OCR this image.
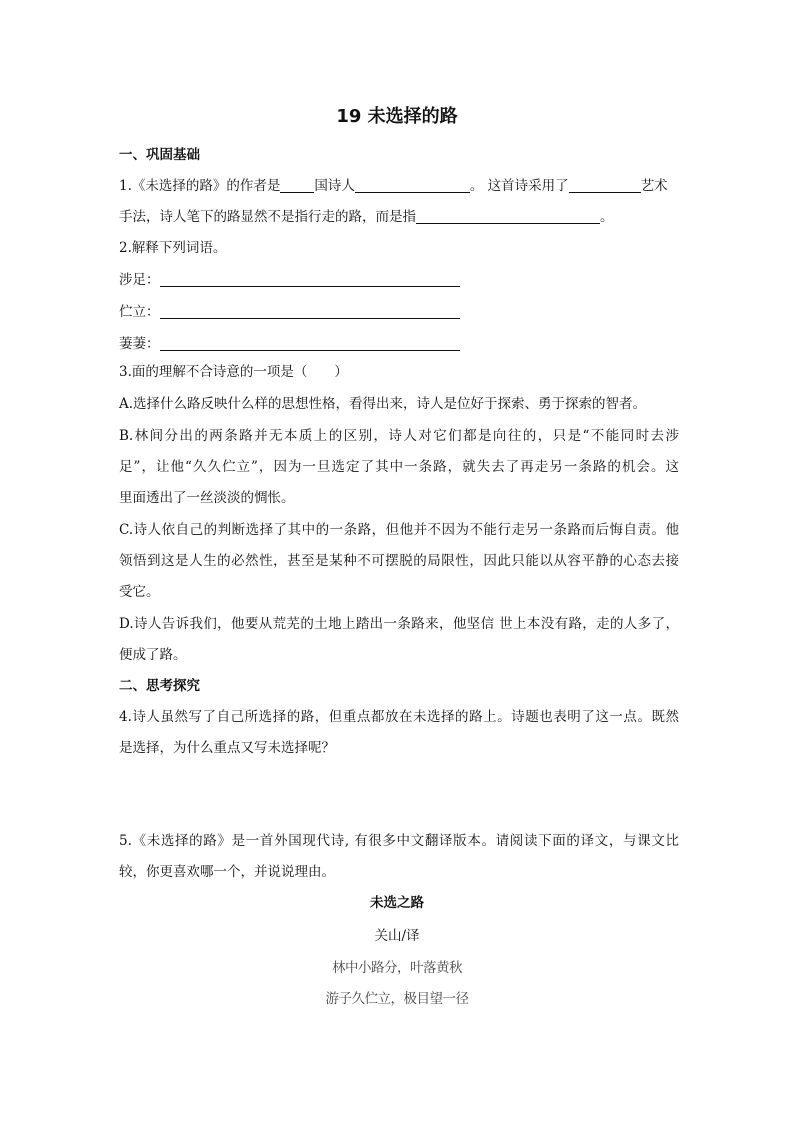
19 未选择的路
一、巩固基础
1.《未选择的路》的作者是	国诗人	。 这首诗采用了	艺术
手法，诗人笔下的路显然不是指行走的路，而是指	。
2.解释下列词语。
涉足：
伫立：
萋萋：
3.面的理解不合诗意的一项是（　　）
A.选择什么路反映什么样的思想性格，看得出来，诗人是位好于探索、勇于探索的智者。
B.林间分出的两条路并无本质上的区别，诗人对它们都是向往的，只是“不能同时去涉
足”，让他“久久伫立”，因为一旦选定了其中一条路，就失去了再走另一条路的机会。这
里面透出了一丝淡淡的惆怅。
C.诗人依自己的判断选择了其中的一条路，但他并不因为不能行走另一条路而后悔自责。他
领悟到这是人生的必然性，甚至是某种不可摆脱的局限性，因此只能以从容平静的心态去接
受它。
D.诗人告诉我们，他要从荒芜的土地上踏出一条路来，他坚信 世上本没有路，走的人多了，
便成了路。
二、思考探究
4.诗人虽然写了自己所选择的路，但重点都放在未选择的路上。诗题也表明了这一点。既然
是选择，为什么重点又写未选择呢？
5.《未选择的路》是一首外国现代诗, 有很多中文翻译版本。请阅读下面的译文，与课文比
较，你更喜欢哪一个，并说说理由。
未选之路
关山/译
林中小路分，叶落黄秋
游子久伫立，极目望一径
